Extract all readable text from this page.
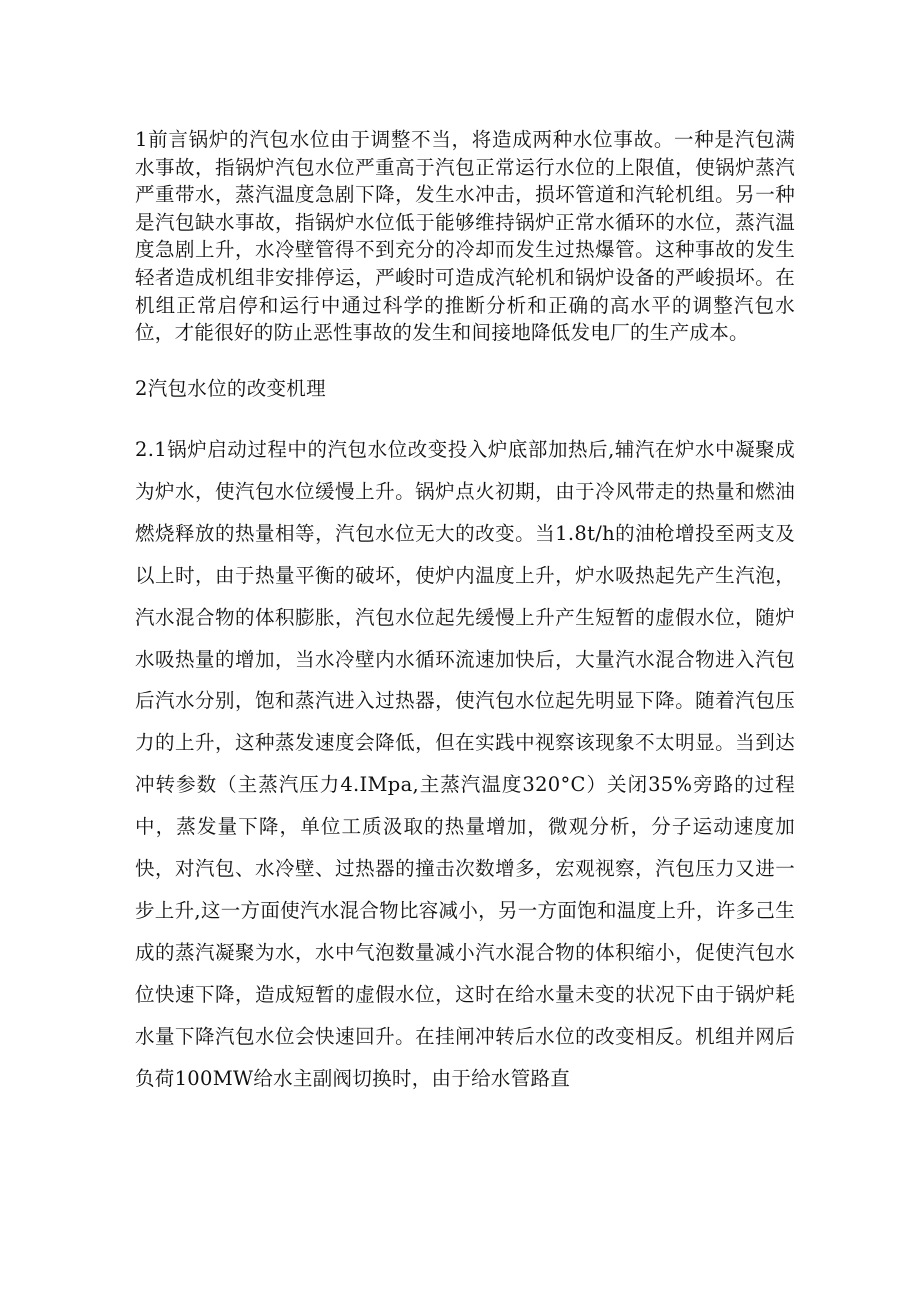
1前言锅炉的汽包水位由于调整不当，将造成两种水位事故。一种是汽包满水事故，指锅炉汽包水位严重高于汽包正常运行水位的上限值，使锅炉蒸汽严重带水，蒸汽温度急剧下降，发生水冲击，损坏管道和汽轮机组。另一种是汽包缺水事故，指锅炉水位低于能够维持锅炉正常水循环的水位，蒸汽温度急剧上升，水冷壁管得不到充分的冷却而发生过热爆管。这种事故的发生轻者造成机组非安排停运，严峻时可造成汽轮机和锅炉设备的严峻损坏。在机组正常启停和运行中通过科学的推断分析和正确的高水平的调整汽包水位，才能很好的防止恶性事故的发生和间接地降低发电厂的生产成本。

2汽包水位的改变机理

2.1锅炉启动过程中的汽包水位改变投入炉底部加热后,辅汽在炉水中凝聚成为炉水，使汽包水位缓慢上升。锅炉点火初期，由于冷风带走的热量和燃油燃烧释放的热量相等，汽包水位无大的改变。当1.8t/h的油枪增投至两支及以上时，由于热量平衡的破坏，使炉内温度上升，炉水吸热起先产生汽泡，汽水混合物的体积膨胀，汽包水位起先缓慢上升产生短暂的虚假水位，随炉水吸热量的增加，当水冷壁内水循环流速加快后，大量汽水混合物进入汽包后汽水分别，饱和蒸汽进入过热器，使汽包水位起先明显下降。随着汽包压力的上升，这种蒸发速度会降低，但在实践中视察该现象不太明显。当到达冲转参数（主蒸汽压力4.IMpa,主蒸汽温度320°C）关闭35%旁路的过程中，蒸发量下降，单位工质汲取的热量增加，微观分析，分子运动速度加快，对汽包、水冷壁、过热器的撞击次数增多，宏观视察，汽包压力又进一步上升,这一方面使汽水混合物比容减小，另一方面饱和温度上升，许多己生成的蒸汽凝聚为水，水中气泡数量减小汽水混合物的体积缩小，促使汽包水位快速下降，造成短暂的虚假水位，这时在给水量未变的状况下由于锅炉耗水量下降汽包水位会快速回升。在挂闸冲转后水位的改变相反。机组并网后负荷100MW给水主副阀切换时，由于给水管路直
